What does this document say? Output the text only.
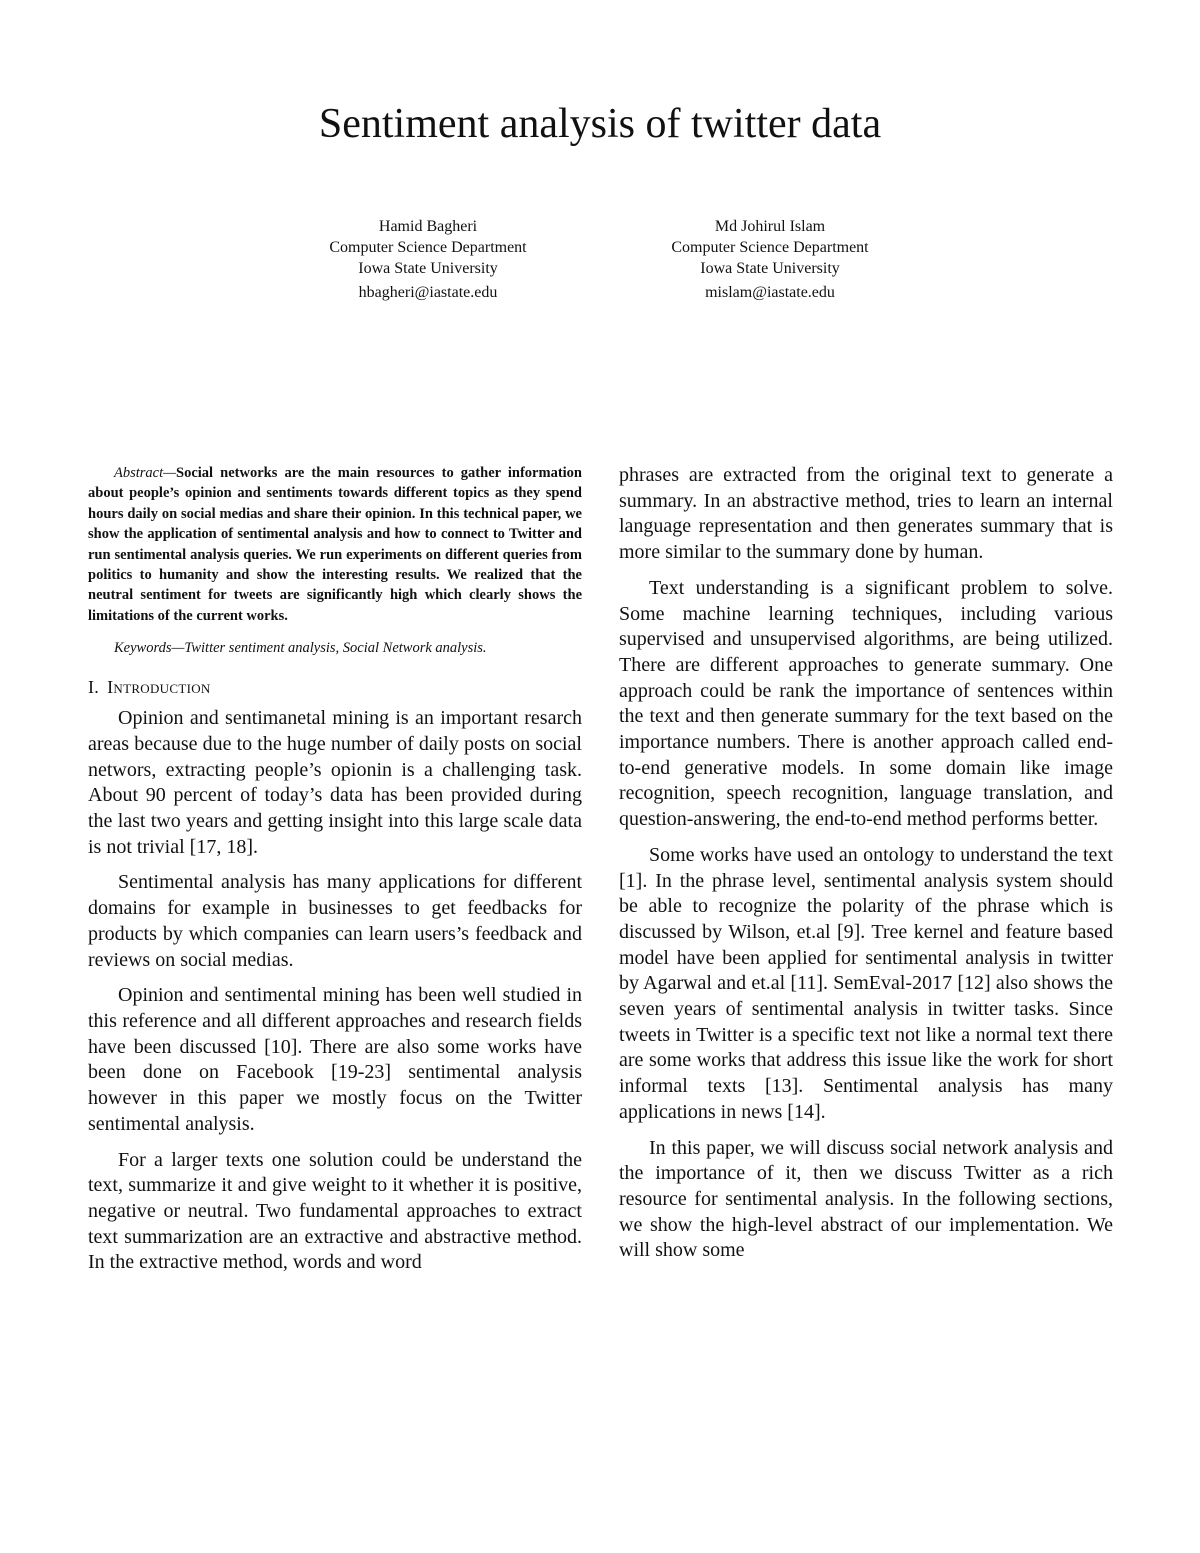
Sentiment analysis of twitter data
Hamid Bagheri
Computer Science Department
Iowa State University
hbagheri@iastate.edu
Md Johirul Islam
Computer Science Department
Iowa State University
mislam@iastate.edu

Abstract—Social networks are the main resources to gather information about people’s opinion and sentiments towards different topics as they spend hours daily on social medias and share their opinion. In this technical paper, we show the application of sentimental analysis and how to connect to Twitter and run sentimental analysis queries. We run experiments on different queries from politics to humanity and show the interesting results. We realized that the neutral sentiment for tweets are significantly high which clearly shows the limitations of the current works.

Keywords—Twitter sentiment analysis, Social Network analysis.

I. Introduction

Opinion and sentimanetal mining is an important resarch areas because due to the huge number of daily posts on social networs, extracting people’s opionin is a challenging task. About 90 percent of today’s data has been provided during the last two years and getting insight into this large scale data is not trivial [17, 18].

Sentimental analysis has many applications for different domains for example in businesses to get feedbacks for products by which companies can learn users’s feedback and reviews on social medias.

Opinion and sentimental mining has been well studied in this reference and all different approaches and research fields have been discussed [10]. There are also some works have been done on Facebook [19-23] sentimental analysis however in this paper we mostly focus on the Twitter sentimental analysis.

For a larger texts one solution could be understand the text, summarize it and give weight to it whether it is positive, negative or neutral. Two fundamental approaches to extract text summarization are an extractive and abstractive method. In the extractive method, words and word

phrases are extracted from the original text to generate a summary. In an abstractive method, tries to learn an internal language representation and then generates summary that is more similar to the summary done by human.

Text understanding is a significant problem to solve. Some machine learning techniques, including various supervised and unsupervised algorithms, are being utilized. There are different approaches to generate summary. One approach could be rank the importance of sentences within the text and then generate summary for the text based on the importance numbers. There is another approach called end-to-end generative models. In some domain like image recognition, speech recognition, language translation, and question-answering, the end-to-end method performs better.

Some works have used an ontology to understand the text [1]. In the phrase level, sentimental analysis system should be able to recognize the polarity of the phrase which is discussed by Wilson, et.al [9]. Tree kernel and feature based model have been applied for sentimental analysis in twitter by Agarwal and et.al [11]. SemEval-2017 [12] also shows the seven years of sentimental analysis in twitter tasks. Since tweets in Twitter is a specific text not like a normal text there are some works that address this issue like the work for short informal texts [13]. Sentimental analysis has many applications in news [14].

In this paper, we will discuss social network analysis and the importance of it, then we discuss Twitter as a rich resource for sentimental analysis. In the following sections, we show the high-level abstract of our implementation. We will show some
